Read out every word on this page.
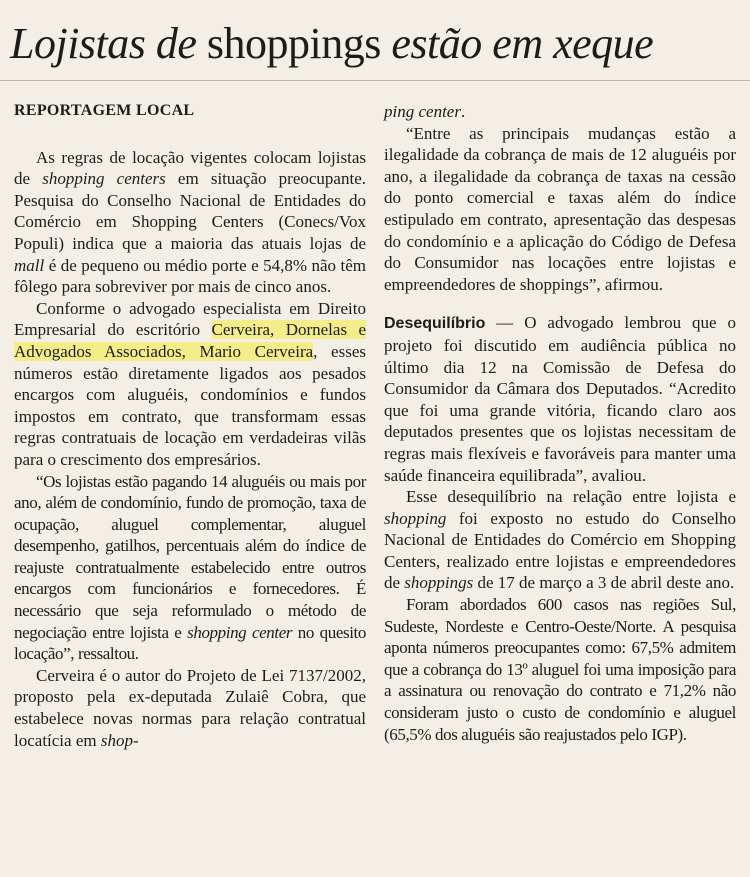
Lojistas de shoppings estão em xeque

REPORTAGEM LOCAL

As regras de locação vigentes colocam lojistas de shopping centers em situação preocupante. Pesquisa do Conselho Nacional de Entidades do Comércio em Shopping Centers (Conecs/Vox Populi) indica que a maioria das atuais lojas de mall é de pequeno ou médio porte e 54,8% não têm fôlego para sobreviver por mais de cinco anos.

Conforme o advogado especialista em Direito Empresarial do escritório Cerveira, Dornelas e Advogados Associados, Mario Cerveira, esses números estão diretamente ligados aos pesados encargos com aluguéis, condomínios e fundos impostos em contrato, que transformam essas regras contratuais de locação em verdadeiras vilãs para o crescimento dos empresários.

“Os lojistas estão pagando 14 aluguéis ou mais por ano, além de condomínio, fundo de promoção, taxa de ocupação, aluguel complementar, aluguel desempenho, gatilhos, percentuais além do índice de reajuste contratualmente estabelecido entre outros encargos com funcionários e fornecedores. É necessário que seja reformulado o método de negociação entre lojista e shopping center no quesito locação”, ressaltou.

Cerveira é o autor do Projeto de Lei 7137/2002, proposto pela ex-deputada Zulaiê Cobra, que estabelece novas normas para relação contratual locatícia em shop-

ping center.

“Entre as principais mudanças estão a ilegalidade da cobrança de mais de 12 aluguéis por ano, a ilegalidade da cobrança de taxas na cessão do ponto comercial e taxas além do índice estipulado em contrato, apresentação das despesas do condomínio e a aplicação do Código de Defesa do Consumidor nas locações entre lojistas e empreendedores de shoppings”, afirmou.

Desequilíbrio — O advogado lembrou que o projeto foi discutido em audiência pública no último dia 12 na Comissão de Defesa do Consumidor da Câmara dos Deputados. “Acredito que foi uma grande vitória, ficando claro aos deputados presentes que os lojistas necessitam de regras mais flexíveis e favoráveis para manter uma saúde financeira equilibrada”, avaliou.

Esse desequilíbrio na relação entre lojista e shopping foi exposto no estudo do Conselho Nacional de Entidades do Comércio em Shopping Centers, realizado entre lojistas e empreendedores de shoppings de 17 de março a 3 de abril deste ano.

Foram abordados 600 casos nas regiões Sul, Sudeste, Nordeste e Centro-Oeste/Norte. A pesquisa aponta números preocupantes como: 67,5% admitem que a cobrança do 13º aluguel foi uma imposição para a assinatura ou renovação do contrato e 71,2% não consideram justo o custo de condomínio e aluguel (65,5% dos aluguéis são reajustados pelo IGP).
